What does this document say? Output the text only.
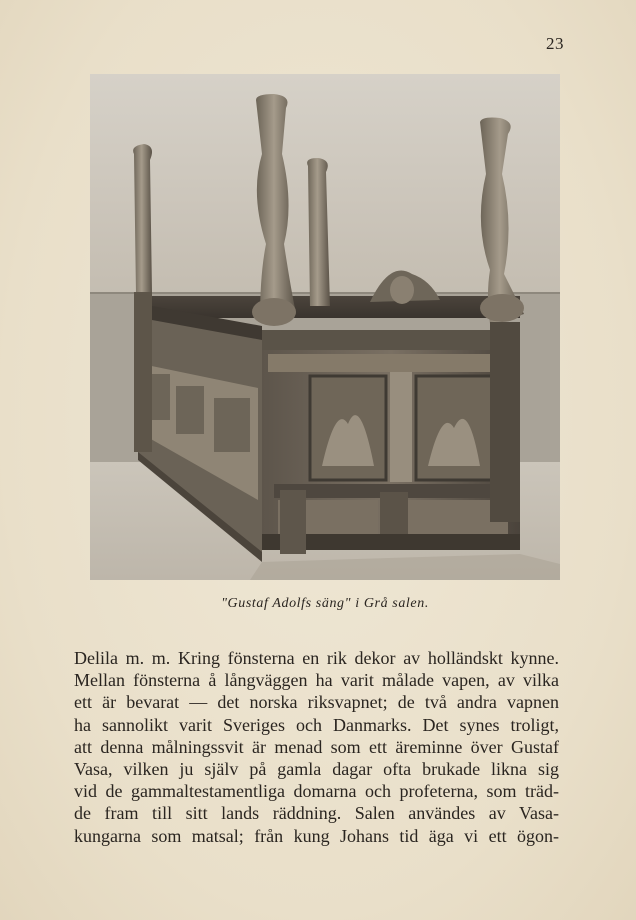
23
"Gustaf Adolfs säng" i Grå salen.
Delila m. m. Kring fönsterna en rik dekor av holländskt kynne.
Mellan fönsterna å långväggen ha varit målade vapen, av vilka
ett är bevarat — det norska riksvapnet; de två andra vapnen
ha sannolikt varit Sveriges och Danmarks. Det synes troligt,
att denna målningssvit är menad som ett äreminne över Gustaf
Vasa, vilken ju själv på gamla dagar ofta brukade likna sig
vid de gammaltestamentliga domarna och profeterna, som träd-
de fram till sitt lands räddning. Salen användes av Vasa-
kungarna som matsal; från kung Johans tid äga vi ett ögon-
